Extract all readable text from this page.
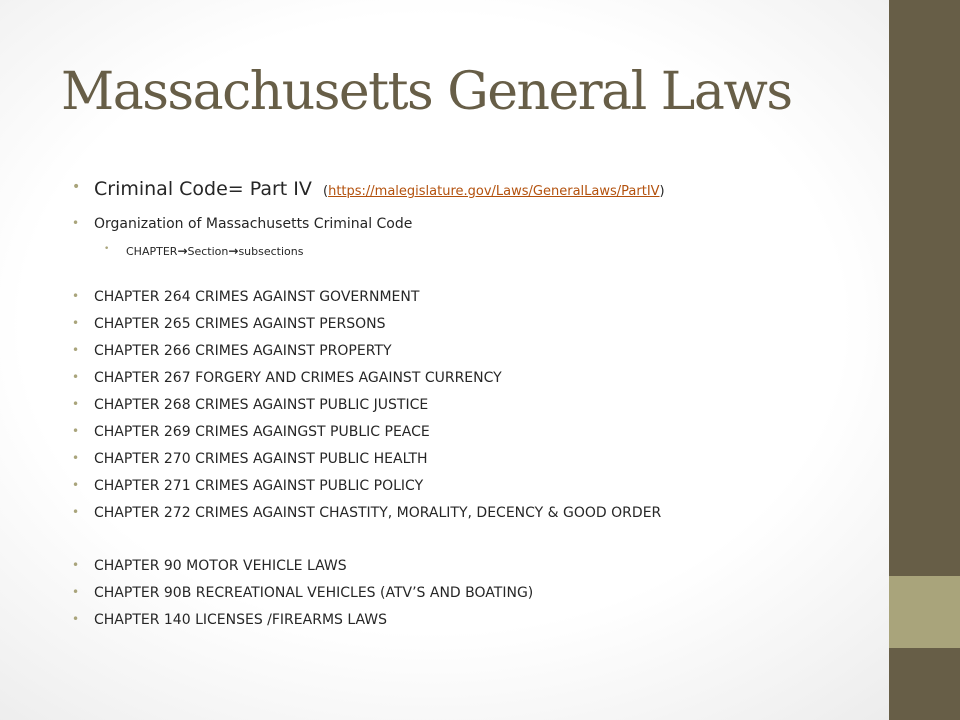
Massachusetts General Laws
• Criminal Code= Part IV (https://malegislature.gov/Laws/GeneralLaws/PartIV)
• Organization of Massachusetts Criminal Code
• CHAPTER→Section→subsections
• CHAPTER 264 CRIMES AGAINST GOVERNMENT
• CHAPTER 265 CRIMES AGAINST PERSONS
• CHAPTER 266 CRIMES AGAINST PROPERTY
• CHAPTER 267 FORGERY AND CRIMES AGAINST CURRENCY
• CHAPTER 268 CRIMES AGAINST PUBLIC JUSTICE
• CHAPTER 269 CRIMES AGAINGST PUBLIC PEACE
• CHAPTER 270 CRIMES AGAINST PUBLIC HEALTH
• CHAPTER 271 CRIMES AGAINST PUBLIC POLICY
• CHAPTER 272 CRIMES AGAINST CHASTITY, MORALITY, DECENCY & GOOD ORDER
• CHAPTER 90 MOTOR VEHICLE LAWS
• CHAPTER 90B RECREATIONAL VEHICLES (ATV’S AND BOATING)
• CHAPTER 140 LICENSES /FIREARMS LAWS
